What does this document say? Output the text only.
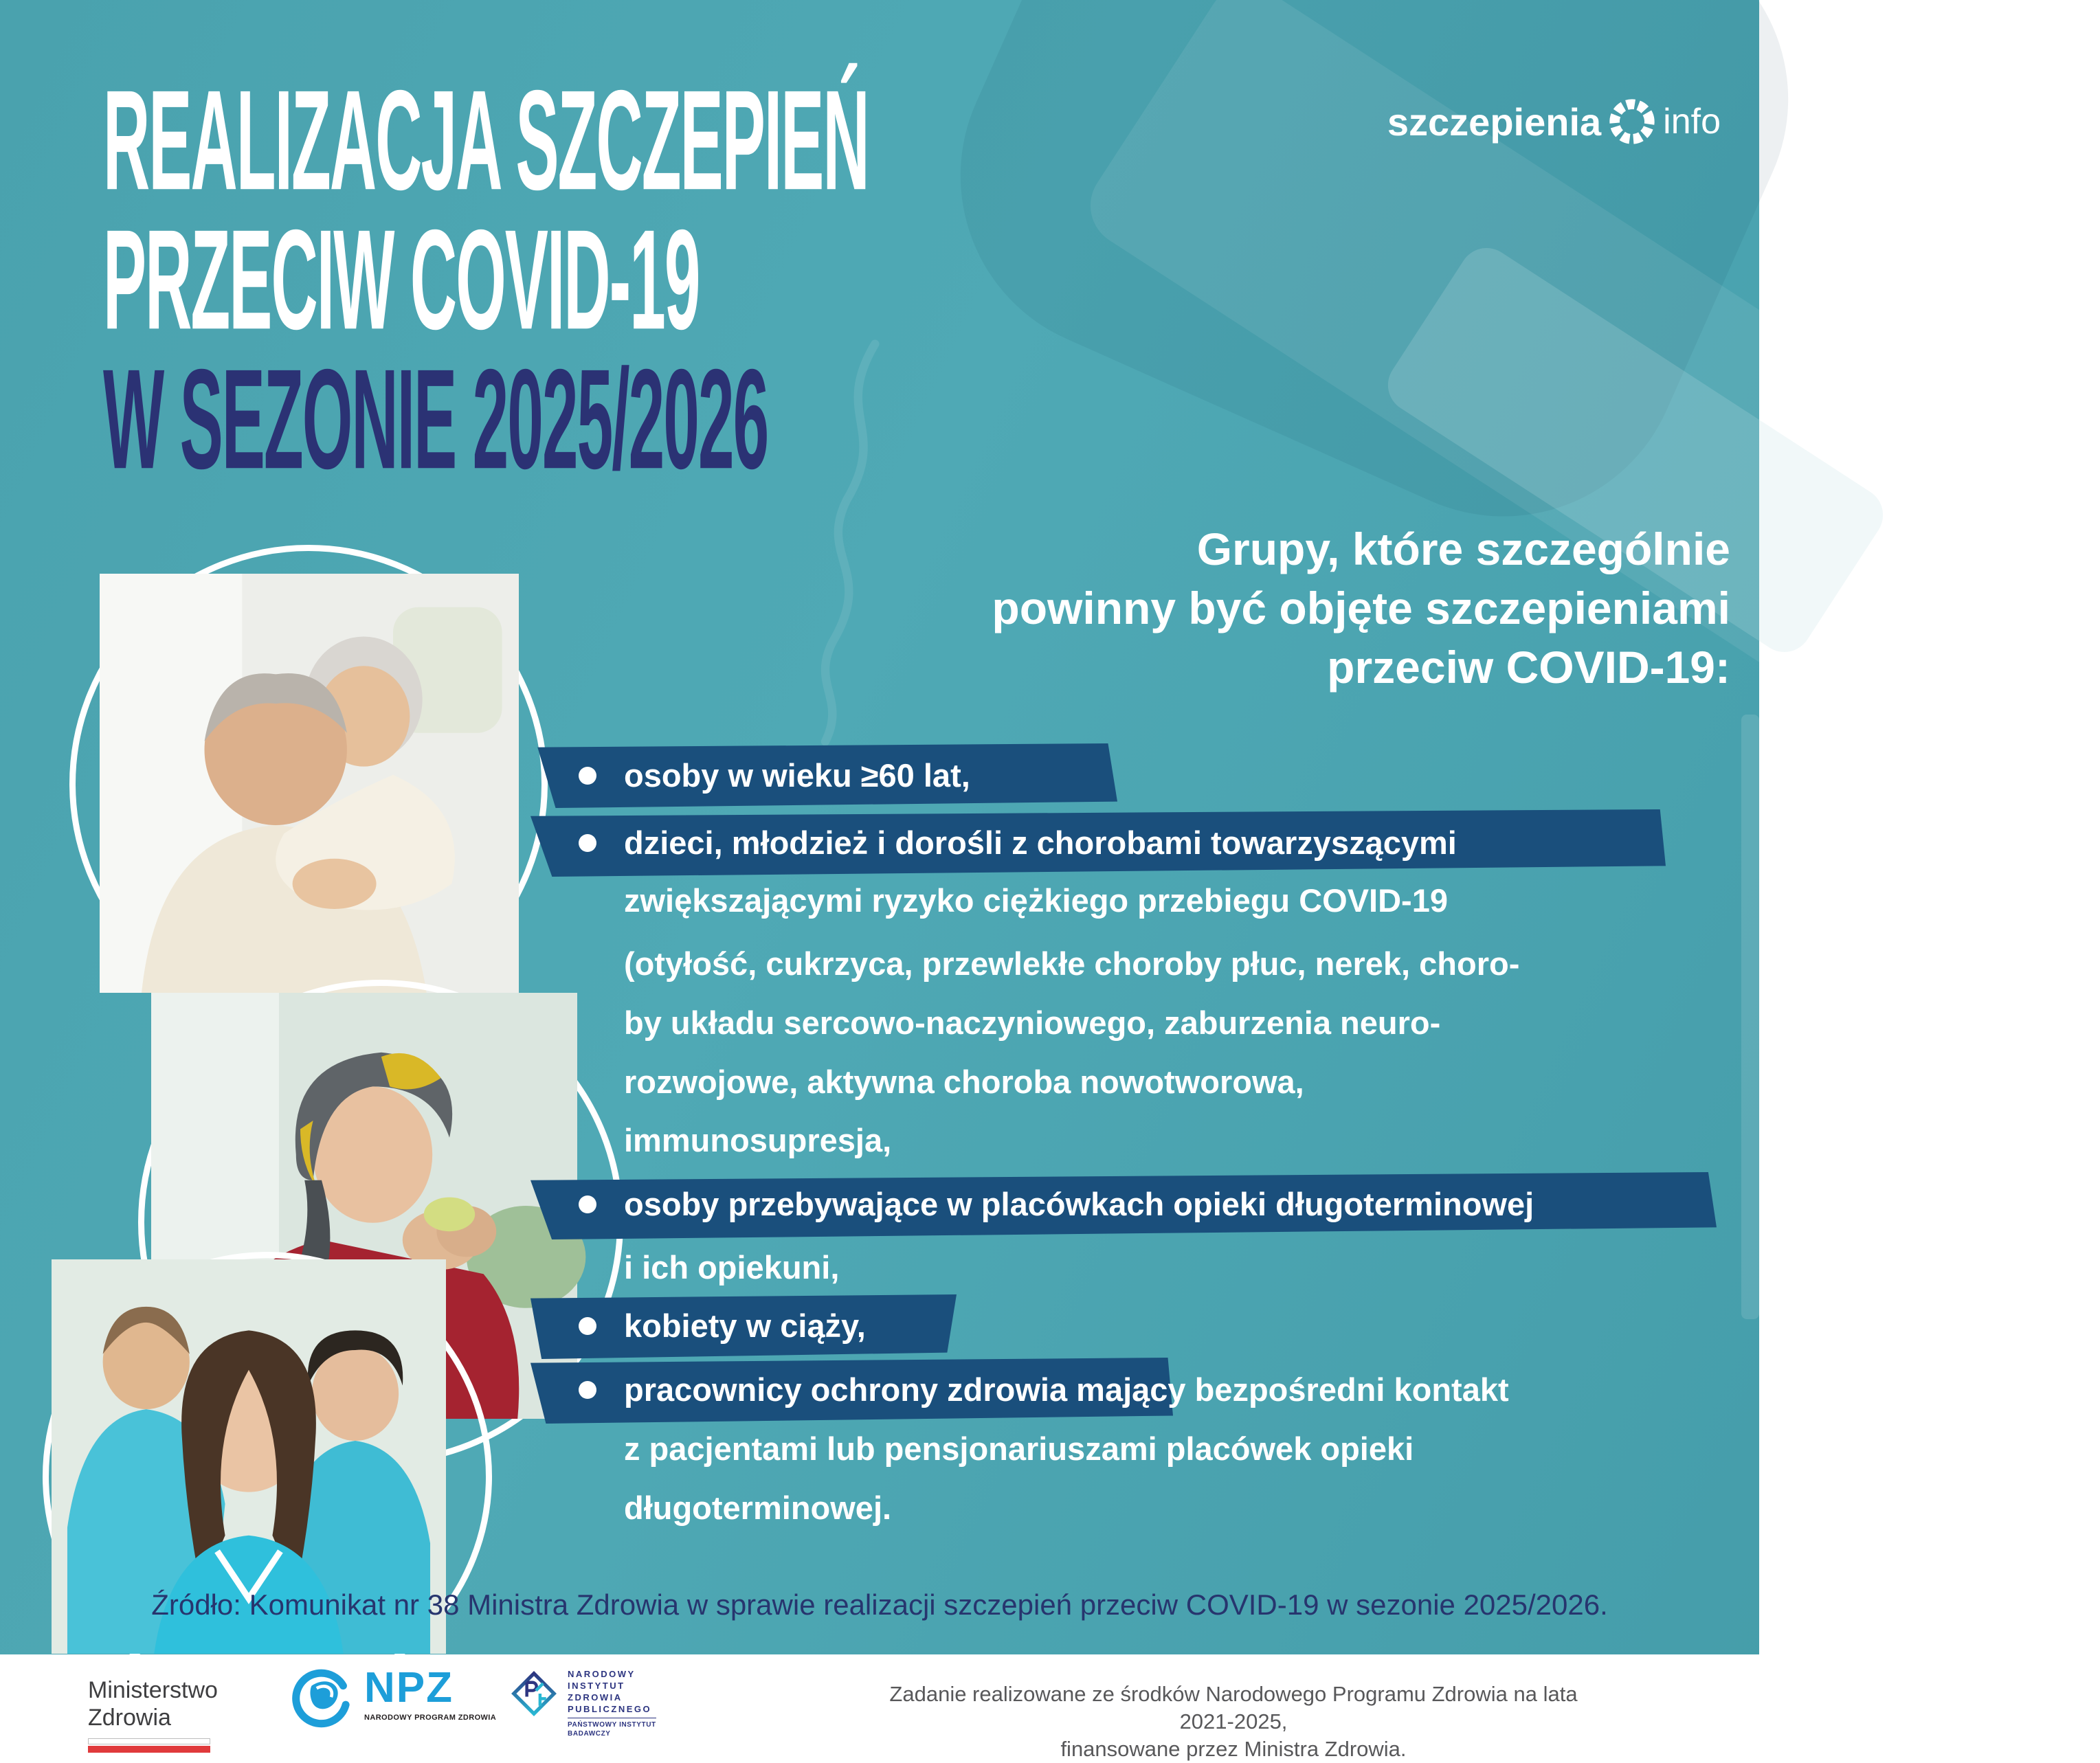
szczepienia info
REALIZACJA SZCZEPIEŃ
PRZECIW COVID-19
W SEZONIE 2025/2026
Grupy, które szczególnie
powinny być objęte szczepieniami
przeciw COVID-19:
osoby w wieku ≥60 lat,
dzieci, młodzież i dorośli z chorobami towarzyszącymi
zwiększającymi ryzyko ciężkiego przebiegu COVID-19
(otyłość, cukrzyca, przewlekłe choroby płuc, nerek, choro-
by układu sercowo-naczyniowego, zaburzenia neuro-
rozwojowe, aktywna choroba nowotworowa,
immunosupresja,
osoby przebywające w placówkach opieki długoterminowej
i ich opiekuni,
kobiety w ciąży,
pracownicy ochrony zdrowia mający bezpośredni kontakt
z pacjentami lub pensjonariuszami placówek opieki
długoterminowej.
Źródło: Komunikat nr 38 Ministra Zdrowia w sprawie realizacji szczepień przeciw COVID-19 w sezonie 2025/2026.
Ministerstwo
Zdrowia
NPZ
NARODOWY PROGRAM ZDROWIA
NARODOWY
INSTYTUT
ZDROWIA
PUBLICZNEGO
PAŃSTWOWY INSTYTUT
BADAWCZY
Zadanie realizowane ze środków Narodowego Programu Zdrowia na lata 2021-2025,
finansowane przez Ministra Zdrowia.
